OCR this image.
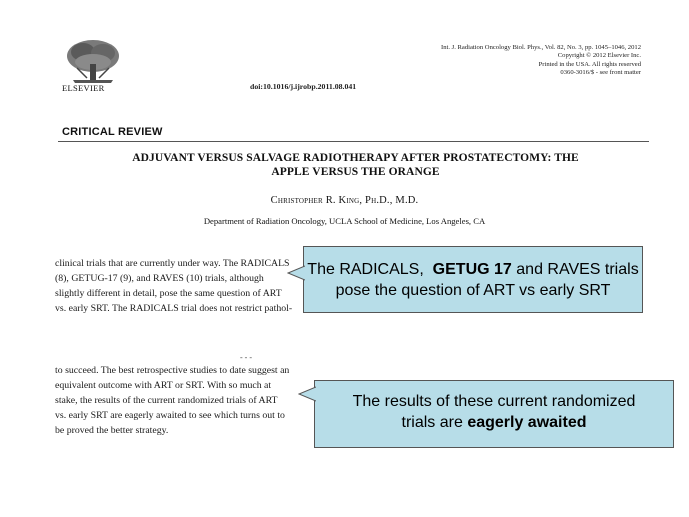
ELSEVIER
Int. J. Radiation Oncology Biol. Phys., Vol. 82, No. 3, pp. 1045–1046, 2012
Copyright © 2012 Elsevier Inc.
Printed in the USA. All rights reserved
0360-3016/$ - see front matter
doi:10.1016/j.ijrobp.2011.08.041
CRITICAL REVIEW
ADJUVANT VERSUS SALVAGE RADIOTHERAPY AFTER PROSTATECTOMY: THE
APPLE VERSUS THE ORANGE
Christopher R. King, Ph.D., M.D.
Department of Radiation Oncology, UCLA School of Medicine, Los Angeles, CA
clinical trials that are currently under way. The RADICALS
(8), GETUG-17 (9), and RAVES (10) trials, although
slightly different in detail, pose the same question of ART
vs. early SRT. The RADICALS trial does not restrict pathol-
- - -
to succeed. The best retrospective studies to date suggest an
equivalent outcome with ART or SRT. With so much at
stake, the results of the current randomized trials of ART
vs. early SRT are eagerly awaited to see which turns out to
be proved the better strategy.
The RADICALS, GETUG 17 and RAVES trials
pose the question of ART vs early SRT
The results of these current randomized
trials are eagerly awaited
